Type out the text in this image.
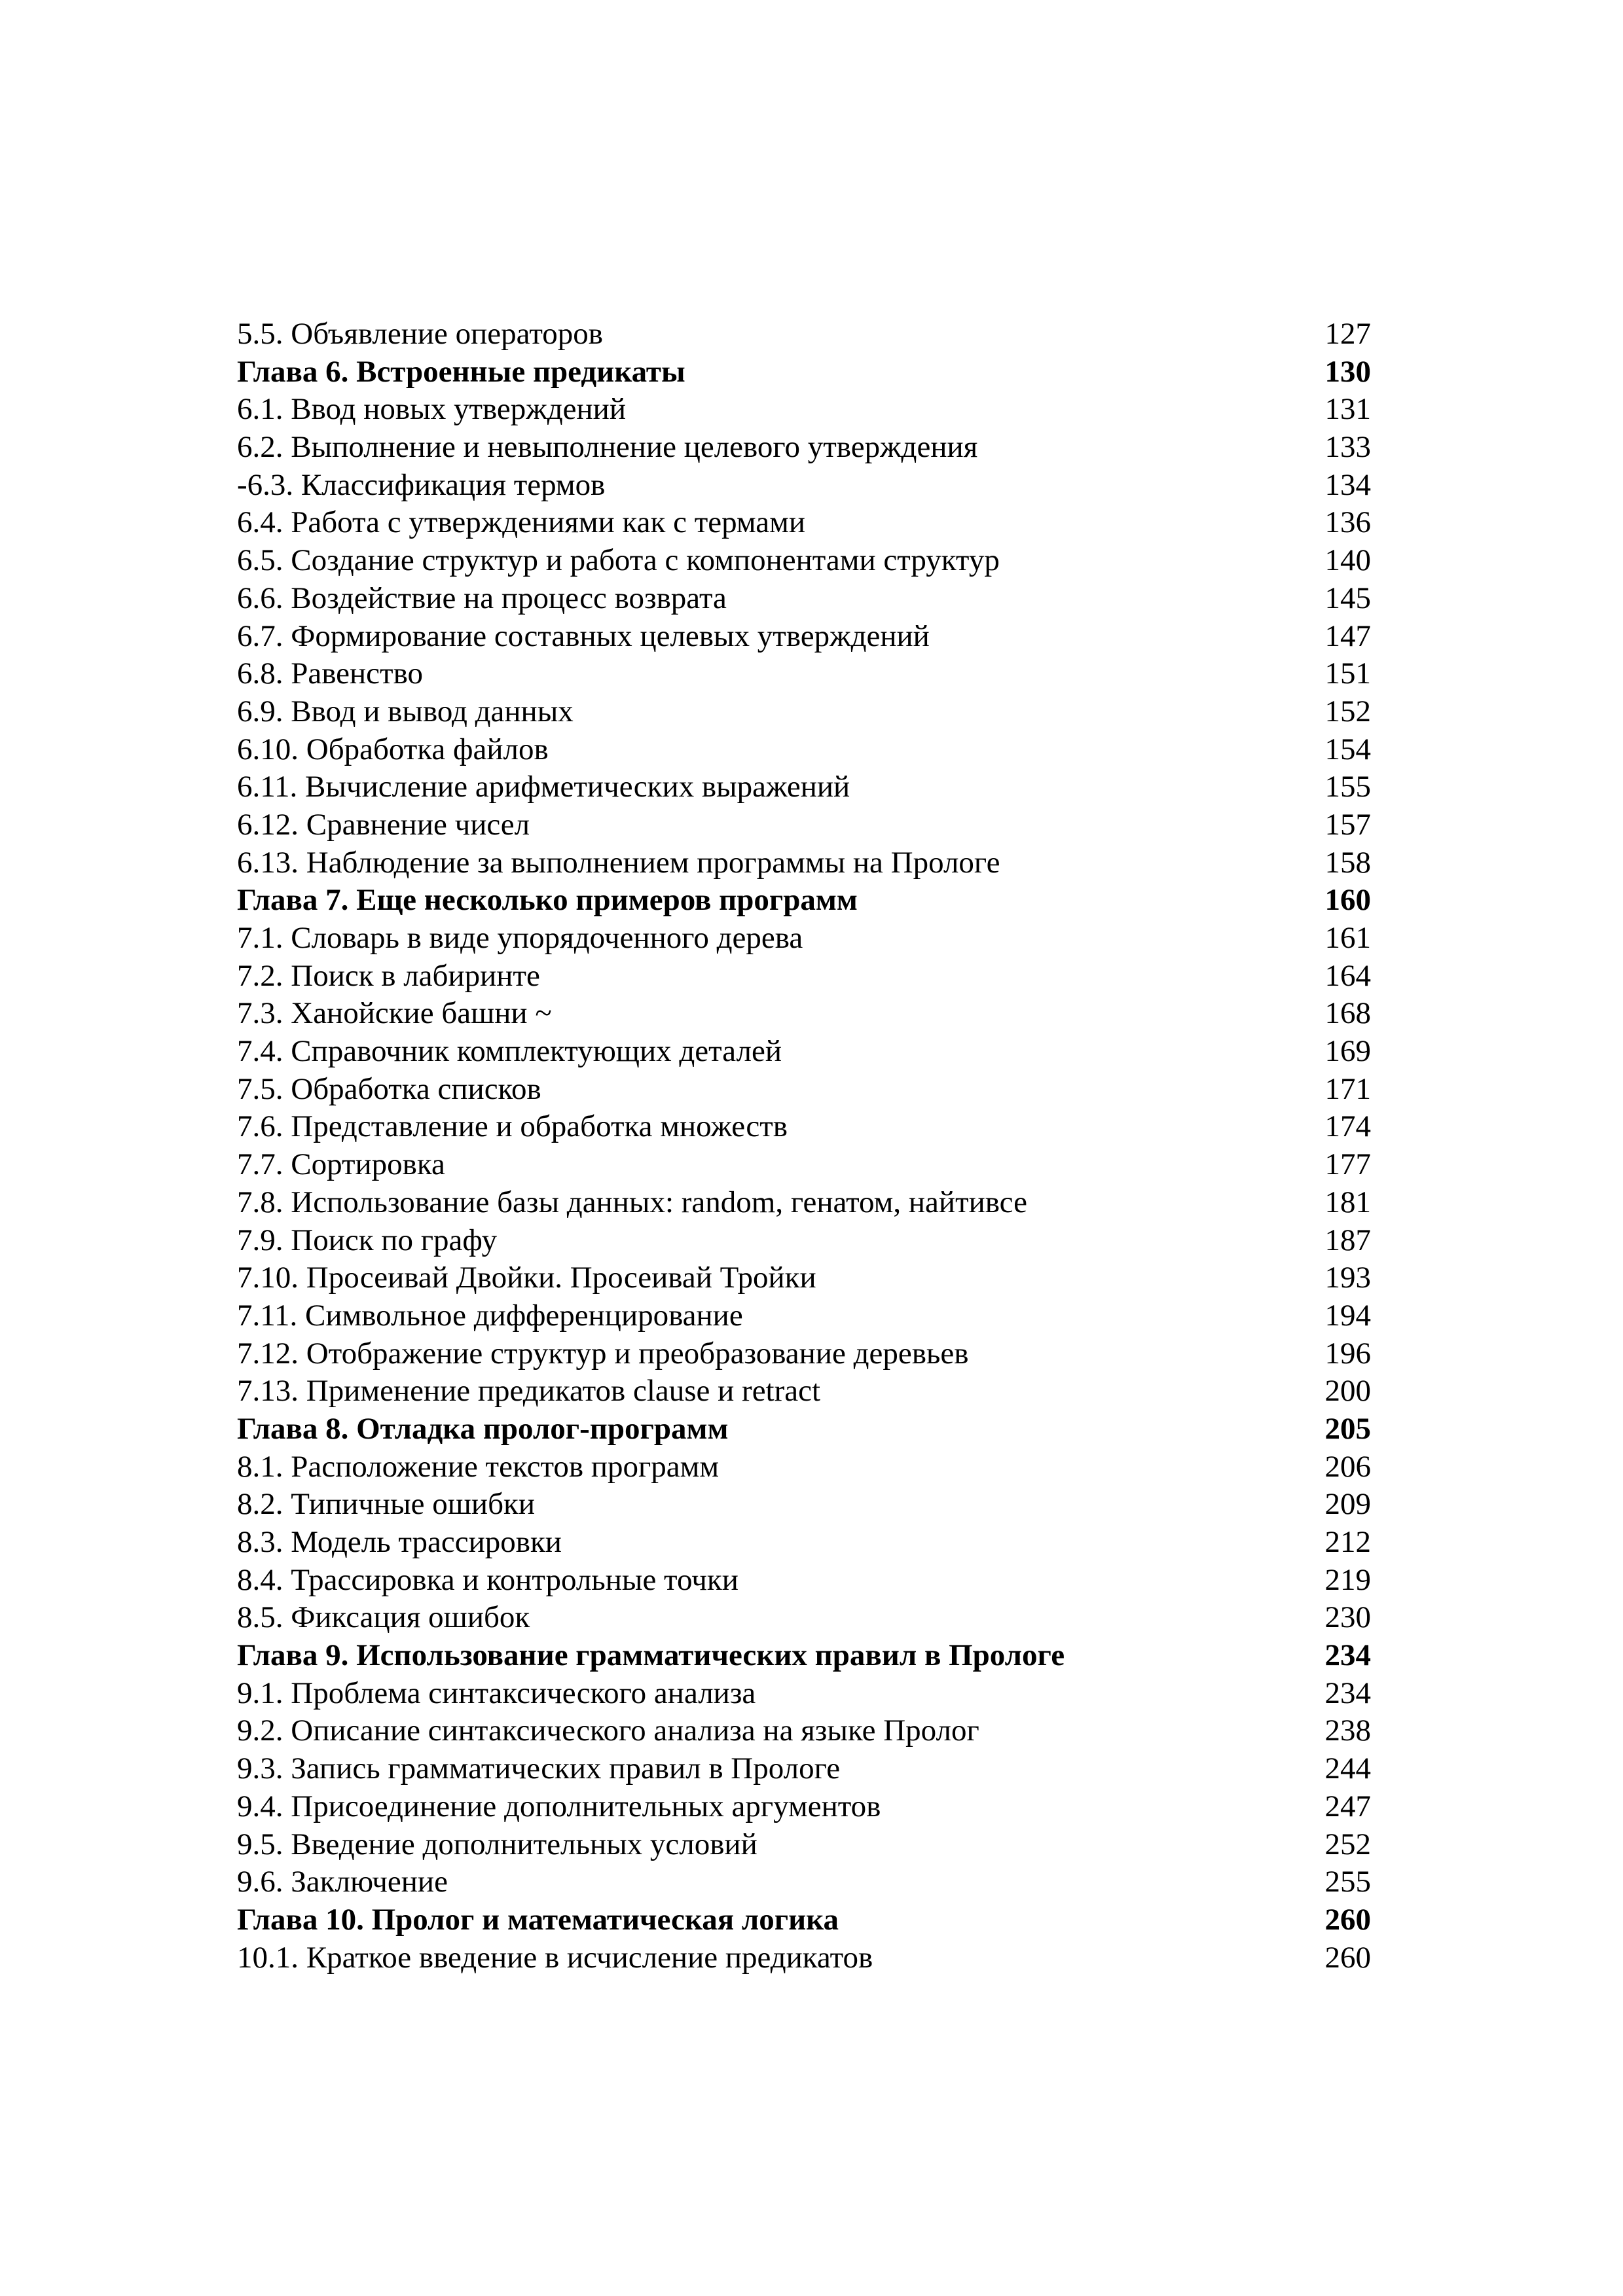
5.5. Объявление операторов	127
Глава 6. Встроенные предикаты	130
6.1. Ввод новых утверждений	131
6.2. Выполнение и невыполнение целевого утверждения	133
-6.3. Классификация термов	134
6.4. Работа с утверждениями как с термами	136
6.5. Создание структур и работа с компонентами структур	140
6.6. Воздействие на процесс возврата	145
6.7. Формирование составных целевых утверждений	147
6.8. Равенство	151
6.9. Ввод и вывод данных	152
6.10. Обработка файлов	154
6.11. Вычисление арифметических выражений	155
6.12. Сравнение чисел	157
6.13. Наблюдение за выполнением программы на Прологе	158
Глава 7. Еще несколько примеров программ	160
7.1. Словарь в виде упорядоченного дерева	161
7.2. Поиск в лабиринте	164
7.3. Ханойские башни ~	168
7.4. Справочник комплектующих деталей	169
7.5. Обработка списков	171
7.6. Представление и обработка множеств	174
7.7. Сортировка	177
7.8. Использование базы данных: random, генатом, найтивсе	181
7.9. Поиск по графу	187
7.10. Просеивай Двойки. Просеивай Тройки	193
7.11. Символьное дифференцирование	194
7.12. Отображение структур и преобразование деревьев	196
7.13. Применение предикатов clause и retract	200
Глава 8. Отладка пролог-программ	205
8.1. Расположение текстов программ	206
8.2. Типичные ошибки	209
8.3. Модель трассировки	212
8.4. Трассировка и контрольные точки	219
8.5. Фиксация ошибок	230
Глава 9. Использование грамматических правил в Прологе	234
9.1. Проблема синтаксического анализа	234
9.2. Описание синтаксического анализа на языке Пролог	238
9.3. Запись грамматических правил в Прологе	244
9.4. Присоединение дополнительных аргументов	247
9.5. Введение дополнительных условий	252
9.6. Заключение	255
Глава 10. Пролог и математическая логика	260
10.1. Краткое введение в исчисление предикатов	260
